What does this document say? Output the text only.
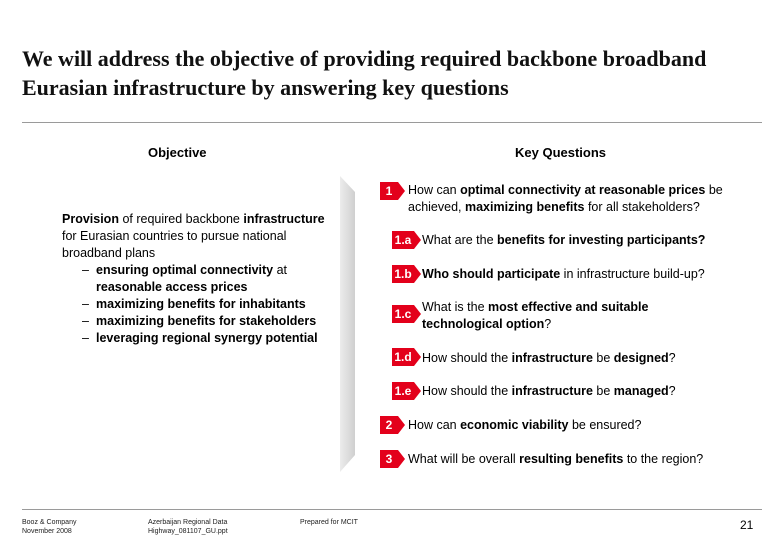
We will address the objective of providing required backbone broadband Eurasian infrastructure by answering key questions
Objective	Key Questions
Provision of required backbone infrastructure for Eurasian countries to pursue national broadband plans
– ensuring optimal connectivity at reasonable access prices
– maximizing benefits for inhabitants
– maximizing benefits for stakeholders
– leveraging regional synergy potential
1	How can optimal connectivity at reasonable prices be achieved, maximizing benefits for all stakeholders?
1.a What are the benefits for investing participants?
1.b Who should participate in infrastructure build-up?
1.c What is the most effective and suitable
technological option?
1.d How should the infrastructure be designed?
1.e How should the infrastructure be managed?
2	How can economic viability be ensured?
3	What will be overall resulting benefits to the region?
Booz & Company
November 2008
Azerbaijan Regional Data
Highway_081107_GU.ppt
Prepared for MCIT	21
